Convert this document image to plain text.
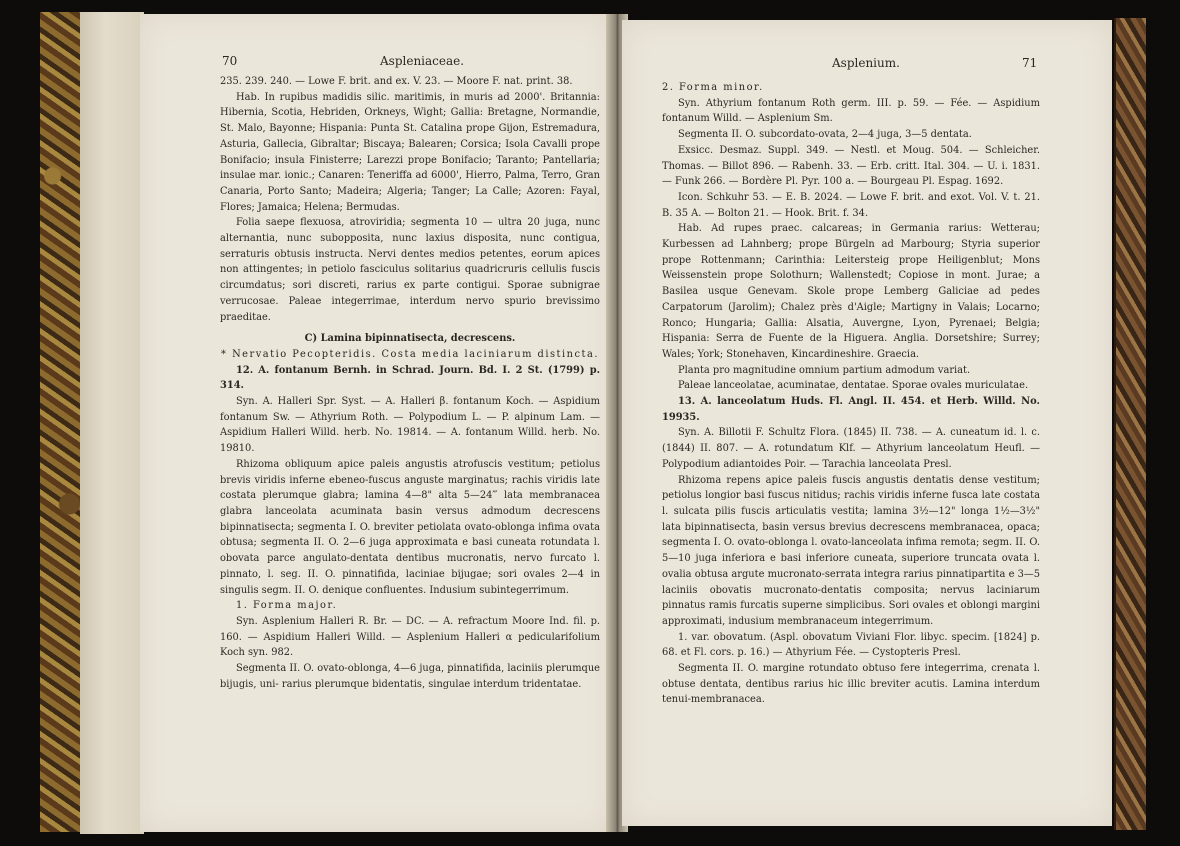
70	Aspleniaceae.

235. 239. 240. — Lowe F. brit. and ex. V. 23. — Moore F. nat. print. 38.

Hab. In rupibus madidis silic. maritimis, in muris ad 2000'. Britannia: Hibernia, Scotia, Hebriden, Orkneys, Wight; Gallia: Bretagne, Normandie, St. Malo, Bayonne; Hispania: Punta St. Catalina prope Gijon, Estremadura, Asturia, Gallecia, Gibraltar; Biscaya; Balearen; Corsica; Isola Cavalli prope Bonifacio; insula Finisterre; Larezzi prope Bonifacio; Taranto; Pantellaria; insulae mar. ionic.; Canaren: Teneriffa ad 6000', Hierro, Palma, Terro, Gran Canaria, Porto Santo; Madeira; Algeria; Tanger; La Calle; Azoren: Fayal, Flores; Jamaica; Helena; Bermudas.

Folia saepe flexuosa, atroviridia; segmenta 10 — ultra 20 juga, nunc alternantia, nunc subopposita, nunc laxius disposita, nunc contigua, serraturis obtusis instructa. Nervi dentes medios petentes, eorum apices non attingentes; in petiolo fasciculus solitarius quadricruris cellulis fuscis circumdatus; sori discreti, rarius ex parte contigui. Sporae subnigrae verrucosae. Paleae integerrimae, interdum nervo spurio brevissimo praeditae.

C) Lamina bipinnatisecta, decrescens.

* Nervatio Pecopteridis. Costa media laciniarum distincta.

12. A. fontanum Bernh. in Schrad. Journ. Bd. I. 2 St. (1799) p. 314.

Syn. A. Halleri Spr. Syst. — A. Halleri β. fontanum Koch. — Aspidium fontanum Sw. — Athyrium Roth. — Polypodium L. — P. alpinum Lam. — Aspidium Halleri Willd. herb. No. 19814. — A. fontanum Willd. herb. No. 19810.

Rhizoma obliquum apice paleis angustis atrofuscis vestitum; petiolus brevis viridis inferne ebeneo-fuscus anguste marginatus; rachis viridis late costata plerumque glabra; lamina 4—8" alta 5—24‴ lata membranacea glabra lanceolata acuminata basin versus admodum decrescens bipinnatisecta; segmenta I. O. breviter petiolata ovato-oblonga infima ovata obtusa; segmenta II. O. 2—6 juga approximata e basi cuneata rotundata l. obovata parce angulato-dentata dentibus mucronatis, nervo furcato l. pinnato, l. seg. II. O. pinnatifida, laciniae bijugae; sori ovales 2—4 in singulis segm. II. O. denique confluentes. Indusium subintegerrimum.

1. Forma major.

Syn. Asplenium Halleri R. Br. — DC. — A. refractum Moore Ind. fil. p. 160. — Aspidium Halleri Willd. — Asplenium Halleri α pedicularifolium Koch syn. 982.

Segmenta II. O. ovato-oblonga, 4—6 juga, pinnatifida, laciniis plerumque bijugis, uni- rarius plerumque bidentatis, singulae interdum tridentatae.

Asplenium.	71

2. Forma minor.

Syn. Athyrium fontanum Roth germ. III. p. 59. — Fée. — Aspidium fontanum Willd. — Asplenium Sm.

Segmenta II. O. subcordato-ovata, 2—4 juga, 3—5 dentata.

Exsicc. Desmaz. Suppl. 349. — Nestl. et Moug. 504. — Schleicher. Thomas. — Billot 896. — Rabenh. 33. — Erb. critt. Ital. 304. — U. i. 1831. — Funk 266. — Bordère Pl. Pyr. 100 a. — Bourgeau Pl. Espag. 1692.

Icon. Schkuhr 53. — E. B. 2024. — Lowe F. brit. and exot. Vol. V. t. 21. B. 35 A. — Bolton 21. — Hook. Brit. f. 34.

Hab. Ad rupes praec. calcareas; in Germania rarius: Wetterau; Kurbessen ad Lahnberg; prope Bürgeln ad Marbourg; Styria superior prope Rottenmann; Carinthia: Leitersteig prope Heiligenblut; Mons Weissenstein prope Solothurn; Wallenstedt; Copiose in mont. Jurae; a Basilea usque Genevam. Skole prope Lemberg Galiciae ad pedes Carpatorum (Jarolim); Chalez près d'Aigle; Martigny in Valais; Locarno; Ronco; Hungaria; Gallia: Alsatia, Auvergne, Lyon, Pyrenaei; Belgia; Hispania: Serra de Fuente de la Higuera. Anglia. Dorsetshire; Surrey; Wales; York; Stonehaven, Kincardineshire. Graecia.

Planta pro magnitudine omnium partium admodum variat.

Paleae lanceolatae, acuminatae, dentatae. Sporae ovales muriculatae.

13. A. lanceolatum Huds. Fl. Angl. II. 454. et Herb. Willd. No. 19935.

Syn. A. Billotii F. Schultz Flora. (1845) II. 738. — A. cuneatum id. l. c. (1844) II. 807. — A. rotundatum Klf. — Athyrium lanceolatum Heufl. — Polypodium adiantoides Poir. — Tarachia lanceolata Presl.

Rhizoma repens apice paleis fuscis angustis dentatis dense vestitum; petiolus longior basi fuscus nitidus; rachis viridis inferne fusca late costata l. sulcata pilis fuscis articulatis vestita; lamina 3½—12" longa 1½—3½" lata bipinnatisecta, basin versus brevius decrescens membranacea, opaca; segmenta I. O. ovato-oblonga l. ovato-lanceolata infima remota; segm. II. O. 5—10 juga inferiora e basi inferiore cuneata, superiore truncata ovata l. ovalia obtusa argute mucronato-serrata integra rarius pinnatipartita e 3—5 laciniis obovatis mucronato-dentatis composita; nervus laciniarum pinnatus ramis furcatis superne simplicibus. Sori ovales et oblongi margini approximati, indusium membranaceum integerrimum.

1. var. obovatum. (Aspl. obovatum Viviani Flor. libyc. specim. [1824] p. 68. et Fl. cors. p. 16.) — Athyrium Fée. — Cystopteris Presl.

Segmenta II. O. margine rotundato obtuso fere integerrima, crenata l. obtuse dentata, dentibus rarius hic illic breviter acutis. Lamina interdum tenui-membranacea.
